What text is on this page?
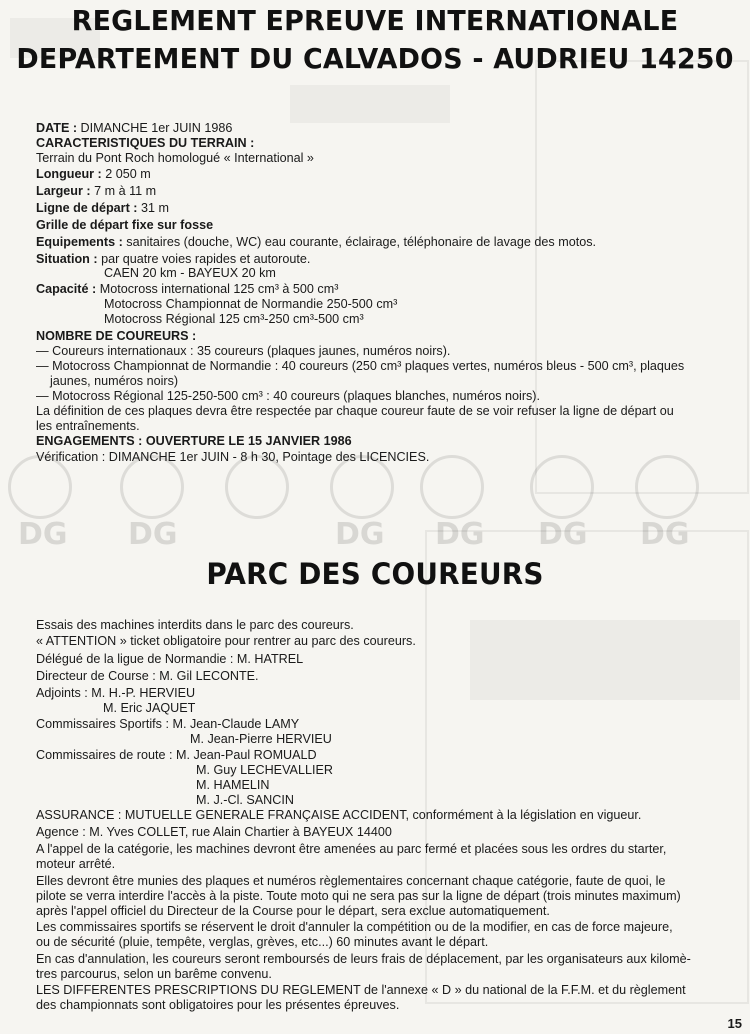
DG DG	DG DG DG DG
REGLEMENT EPREUVE INTERNATIONALE
DEPARTEMENT DU CALVADOS - AUDRIEU 14250
DATE : DIMANCHE 1er JUIN 1986
CARACTERISTIQUES DU TERRAIN :
Terrain du Pont Roch homologué « International »
Longueur : 2 050 m
Largeur : 7 m à 11 m
Ligne de départ : 31 m
Grille de départ fixe sur fosse
Equipements : sanitaires (douche, WC) eau courante, éclairage, téléphonaire de lavage des motos.
Situation : par quatre voies rapides et autoroute.
CAEN 20 km - BAYEUX 20 km
Capacité : Motocross international 125 cm³ à 500 cm³
Motocross Championnat de Normandie 250-500 cm³
Motocross Régional 125 cm³-250 cm³-500 cm³
NOMBRE DE COUREURS :
— Coureurs internationaux : 35 coureurs (plaques jaunes, numéros noirs).
— Motocross Championnat de Normandie : 40 coureurs (250 cm³ plaques vertes, numéros bleus - 500 cm³, plaques
jaunes, numéros noirs)
— Motocross Régional 125-250-500 cm³ : 40 coureurs (plaques blanches, numéros noirs).
La définition de ces plaques devra être respectée par chaque coureur faute de se voir refuser la ligne de départ ou
les entraînements.
ENGAGEMENTS : OUVERTURE LE 15 JANVIER 1986
Vérification : DIMANCHE 1er JUIN - 8 h 30, Pointage des LICENCIES.
PARC DES COUREURS
Essais des machines interdits dans le parc des coureurs.
« ATTENTION » ticket obligatoire pour rentrer au parc des coureurs.
Délégué de la ligue de Normandie : M. HATREL
Directeur de Course : M. Gil LECONTE.
Adjoints : M. H.-P. HERVIEU
M. Eric JAQUET
Commissaires Sportifs : M. Jean-Claude LAMY
M. Jean-Pierre HERVIEU
Commissaires de route : M. Jean-Paul ROMUALD
M. Guy LECHEVALLIER
M. HAMELIN
M. J.-Cl. SANCIN
ASSURANCE : MUTUELLE GENERALE FRANÇAISE ACCIDENT, conformément à la législation en vigueur.
Agence : M. Yves COLLET, rue Alain Chartier à BAYEUX 14400
A l'appel de la catégorie, les machines devront être amenées au parc fermé et placées sous les ordres du starter,
moteur arrêté.
Elles devront être munies des plaques et numéros règlementaires concernant chaque catégorie, faute de quoi, le
pilote se verra interdire l'accès à la piste. Toute moto qui ne sera pas sur la ligne de départ (trois minutes maximum)
après l'appel officiel du Directeur de la Course pour le départ, sera exclue automatiquement.
Les commissaires sportifs se réservent le droit d'annuler la compétition ou de la modifier, en cas de force majeure,
ou de sécurité (pluie, tempête, verglas, grèves, etc...) 60 minutes avant le départ.
En cas d'annulation, les coureurs seront remboursés de leurs frais de déplacement, par les organisateurs aux kilomè-
tres parcourus, selon un barême convenu.
LES DIFFERENTES PRESCRIPTIONS DU REGLEMENT de l'annexe « D » du national de la F.F.M. et du règlement
des championnats sont obligatoires pour les présentes épreuves.
15
